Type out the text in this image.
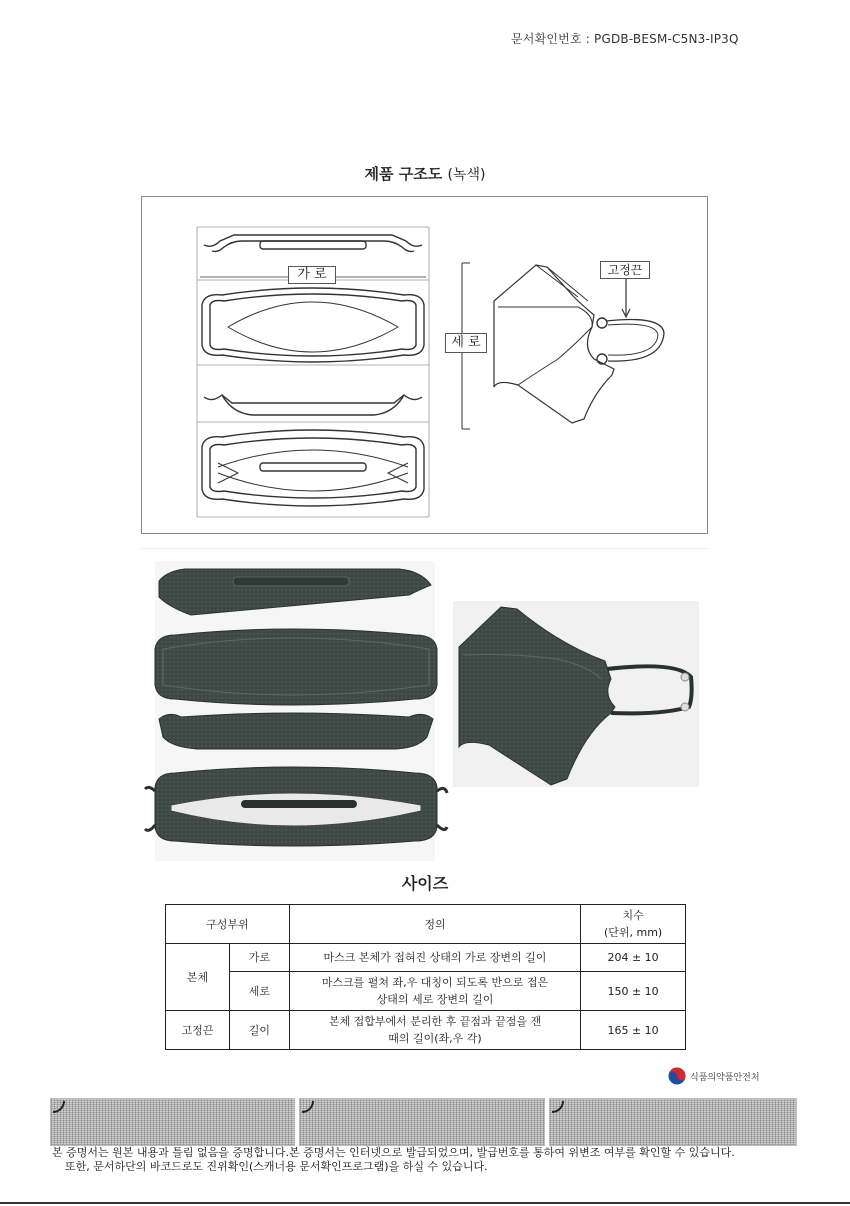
문서확인번호 : PGDB-BESM-C5N3-IP3Q
제품 구조도 (녹색)
가 로
세 로
고정끈
사이즈
구성부위		정의	치수
(단위, mm)

본체	가로	마스크 본체가 접혀진 상태의 가로 장변의 길이	204 ± 10
	세로	마스크를 펼쳐 좌,우 대칭이 되도록 반으로 접은
상태의 세로 장변의 길이	150 ± 10
고정끈	길이	본체 접합부에서 분리한 후 끝점과 끝점을 잰
때의 길이(좌,우 각)	165 ± 10
식품의약품안전처
본 증명서는 원본 내용과 틀림 없음을 증명합니다.본 증명서는 인터넷으로 발급되었으며, 발급번호를 통하여 위변조 여부를 확인할 수 있습니다.
또한, 문서하단의 바코드로도 진위확인(스캐너용 문서확인프로그램)을 하실 수 있습니다.
